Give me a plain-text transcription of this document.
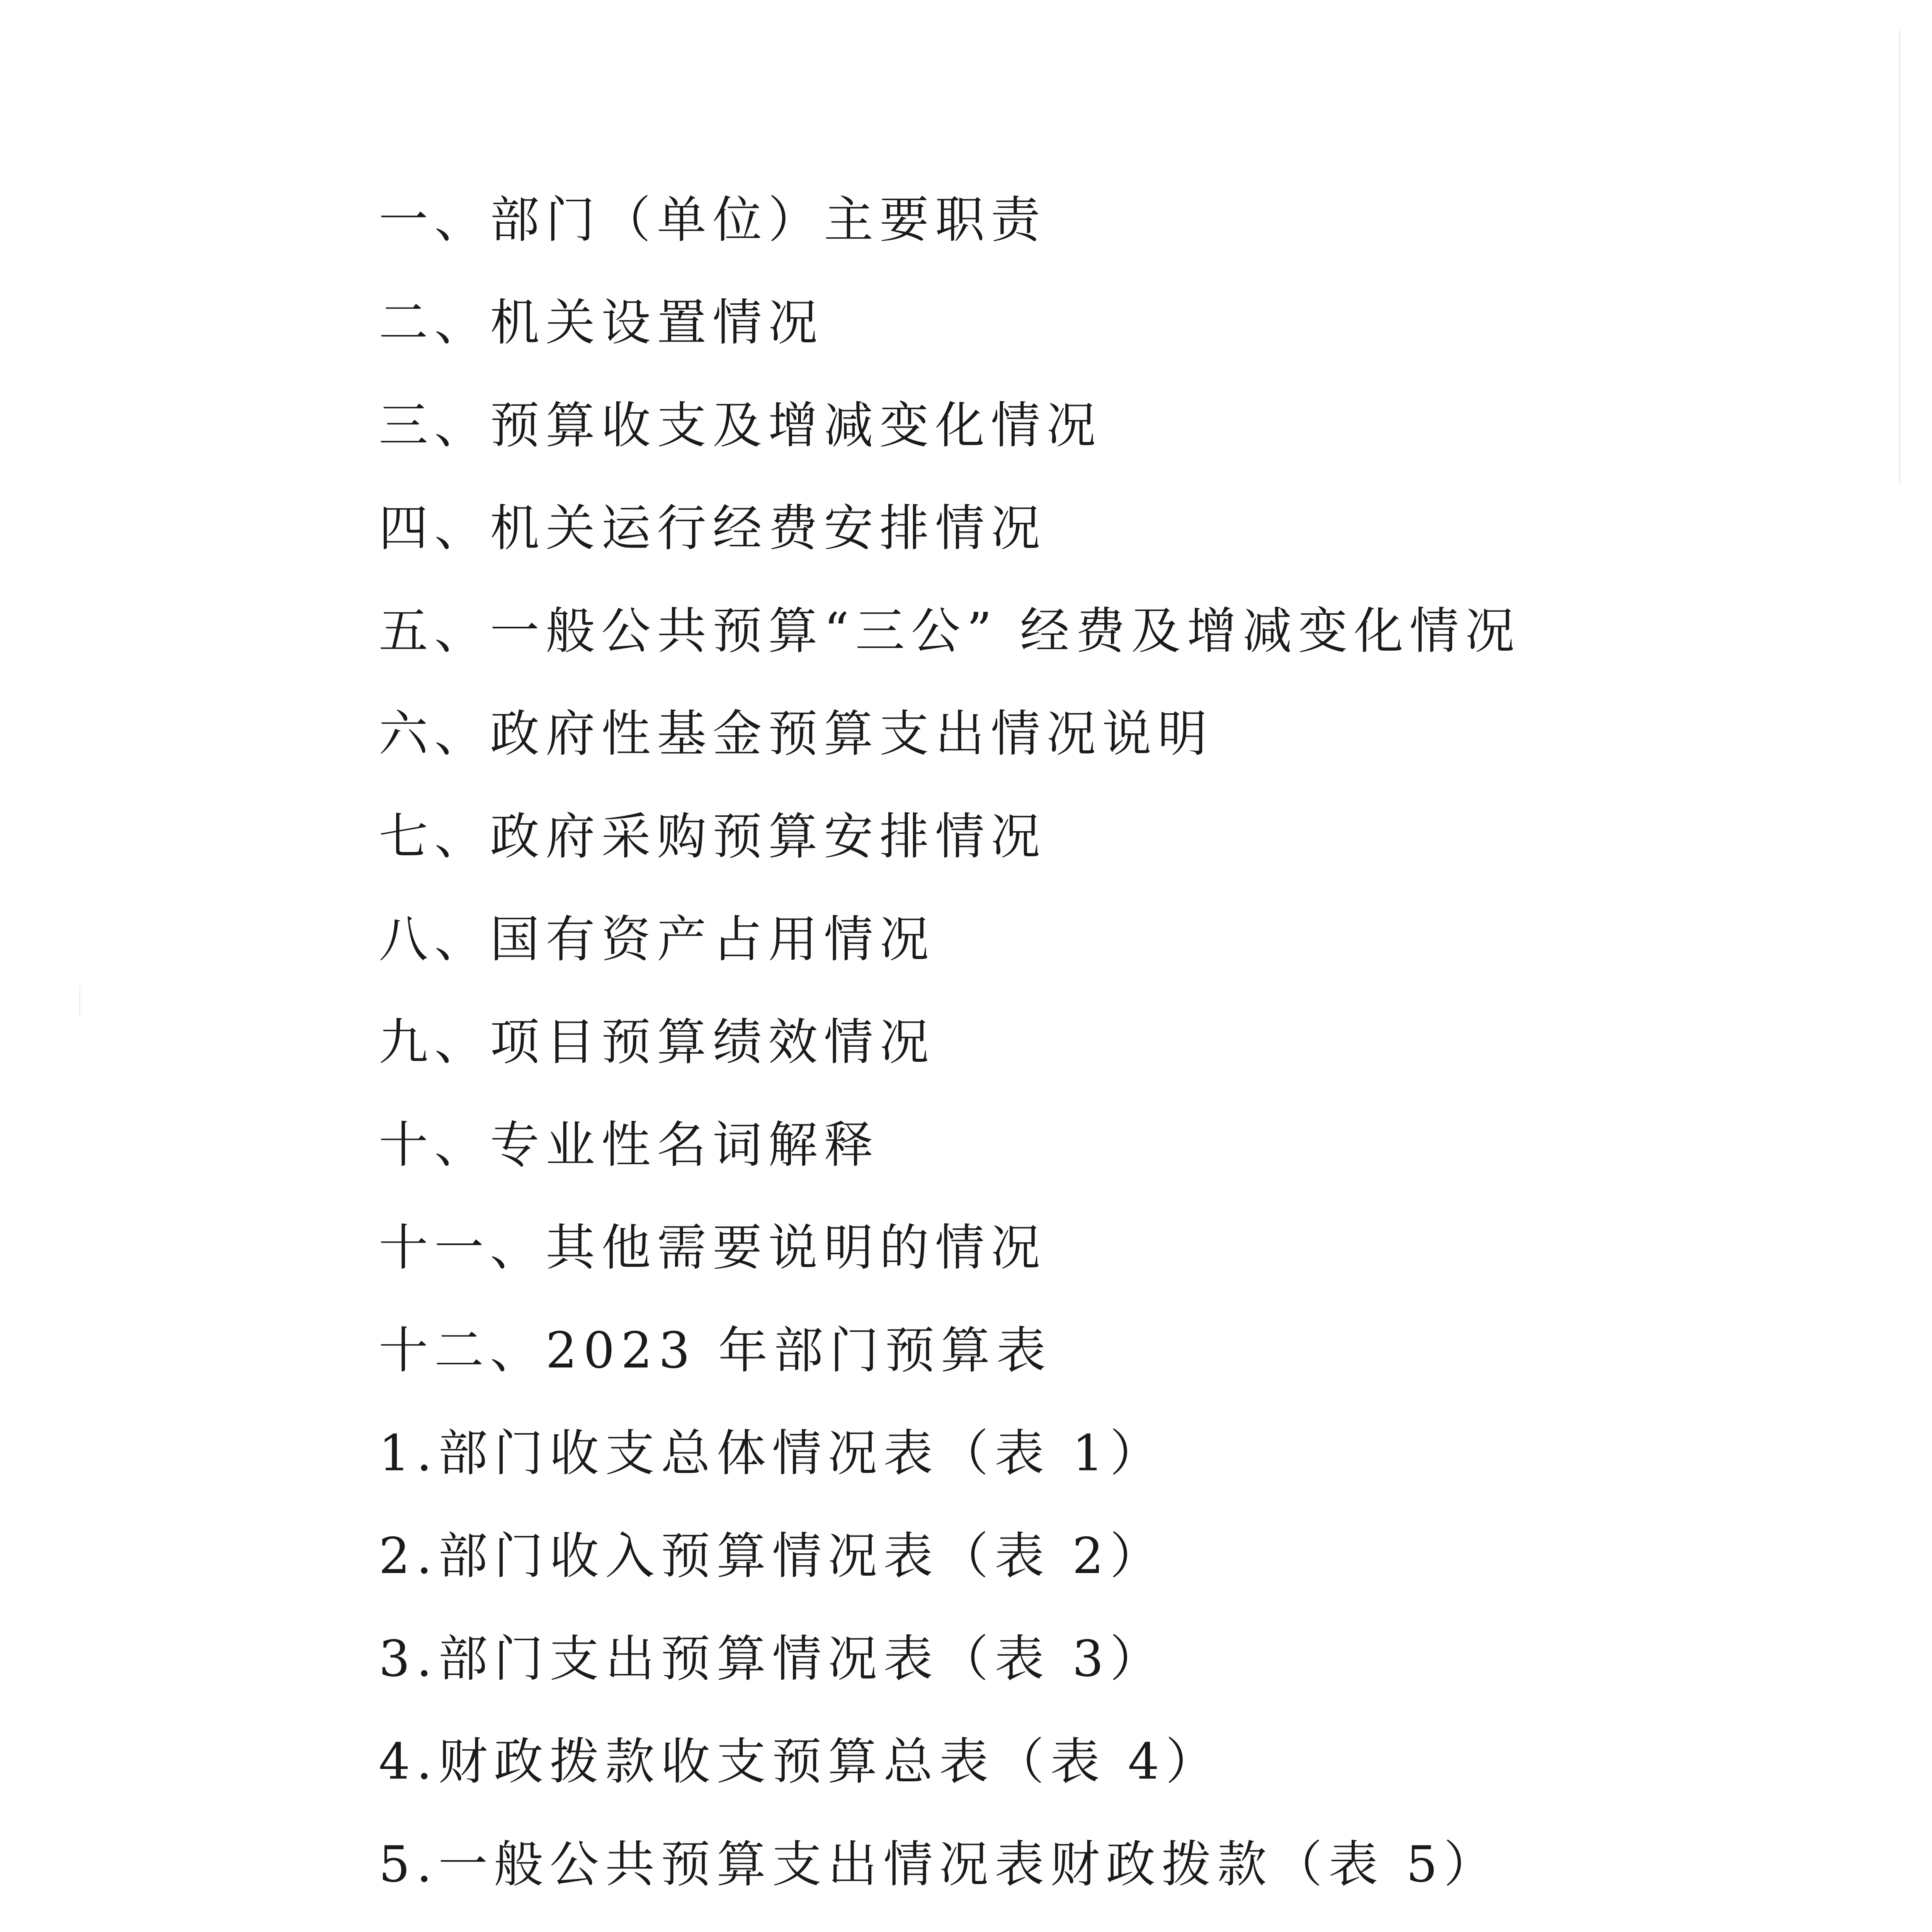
一、部门（单位）主要职责
二、机关设置情况
三、预算收支及增减变化情况
四、机关运行经费安排情况
五、一般公共预算“三公” 经费及增减变化情况
六、政府性基金预算支出情况说明
七、政府采购预算安排情况
八、国有资产占用情况
九、项目预算绩效情况
十、专业性名词解释
十一、其他需要说明的情况
十二、2023 年部门预算表
1.部门收支总体情况表（表 1）
2.部门收入预算情况表（表 2）
3.部门支出预算情况表（表 3）
4.财政拨款收支预算总表（表 4）
5.一般公共预算支出情况表财政拨款（表 5）
